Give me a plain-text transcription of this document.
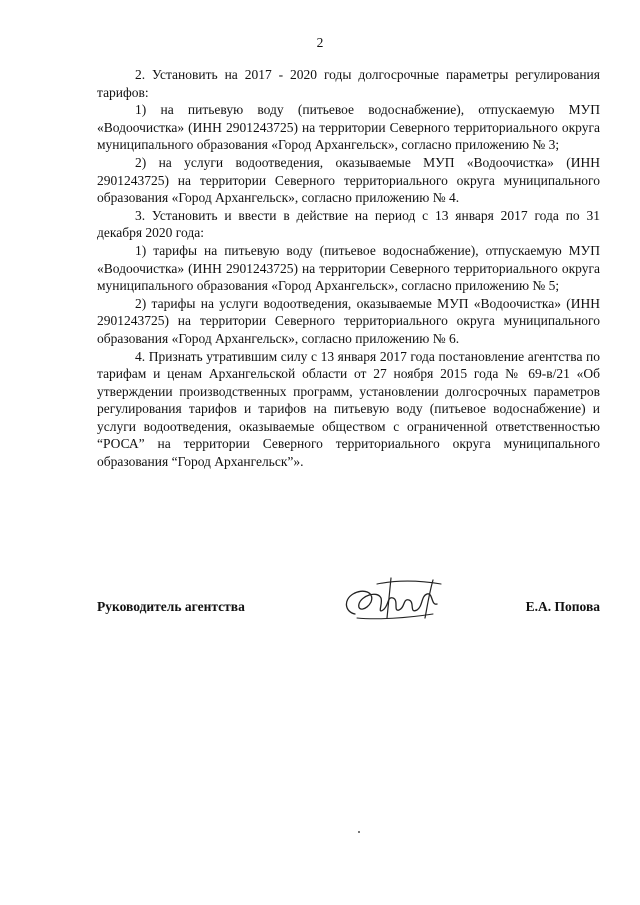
2

2. Установить на 2017 - 2020 годы долгосрочные параметры регулирования тарифов:

1) на питьевую воду (питьевое водоснабжение), отпускаемую МУП «Водоочистка» (ИНН 2901243725) на территории Северного территориального округа муниципального образования «Город Архангельск», согласно приложению № 3;

2) на услуги водоотведения, оказываемые МУП «Водоочистка» (ИНН 2901243725) на территории Северного территориального округа муниципального образования «Город Архангельск», согласно приложению № 4.

3. Установить и ввести в действие на период с 13 января 2017 года по 31 декабря 2020 года:

1) тарифы на питьевую воду (питьевое водоснабжение), отпускаемую МУП «Водоочистка» (ИНН 2901243725) на территории Северного территориального округа муниципального образования «Город Архангельск», согласно приложению № 5;

2) тарифы на услуги водоотведения, оказываемые МУП «Водоочистка» (ИНН 2901243725) на территории Северного территориального округа муниципального образования «Город Архангельск», согласно приложению № 6.

4. Признать утратившим силу с 13 января 2017 года постановление агентства по тарифам и ценам Архангельской области от 27 ноября 2015 года № 69-в/21 «Об утверждении производственных программ, установлении долгосрочных параметров регулирования тарифов и тарифов на питьевую воду (питьевое водоснабжение) и услуги водоотведения, оказываемые обществом с ограниченной ответственностью “РОСА” на территории Северного территориального округа муниципального образования “Город Архангельск”».

Руководитель агентства	Е.А. Попова
